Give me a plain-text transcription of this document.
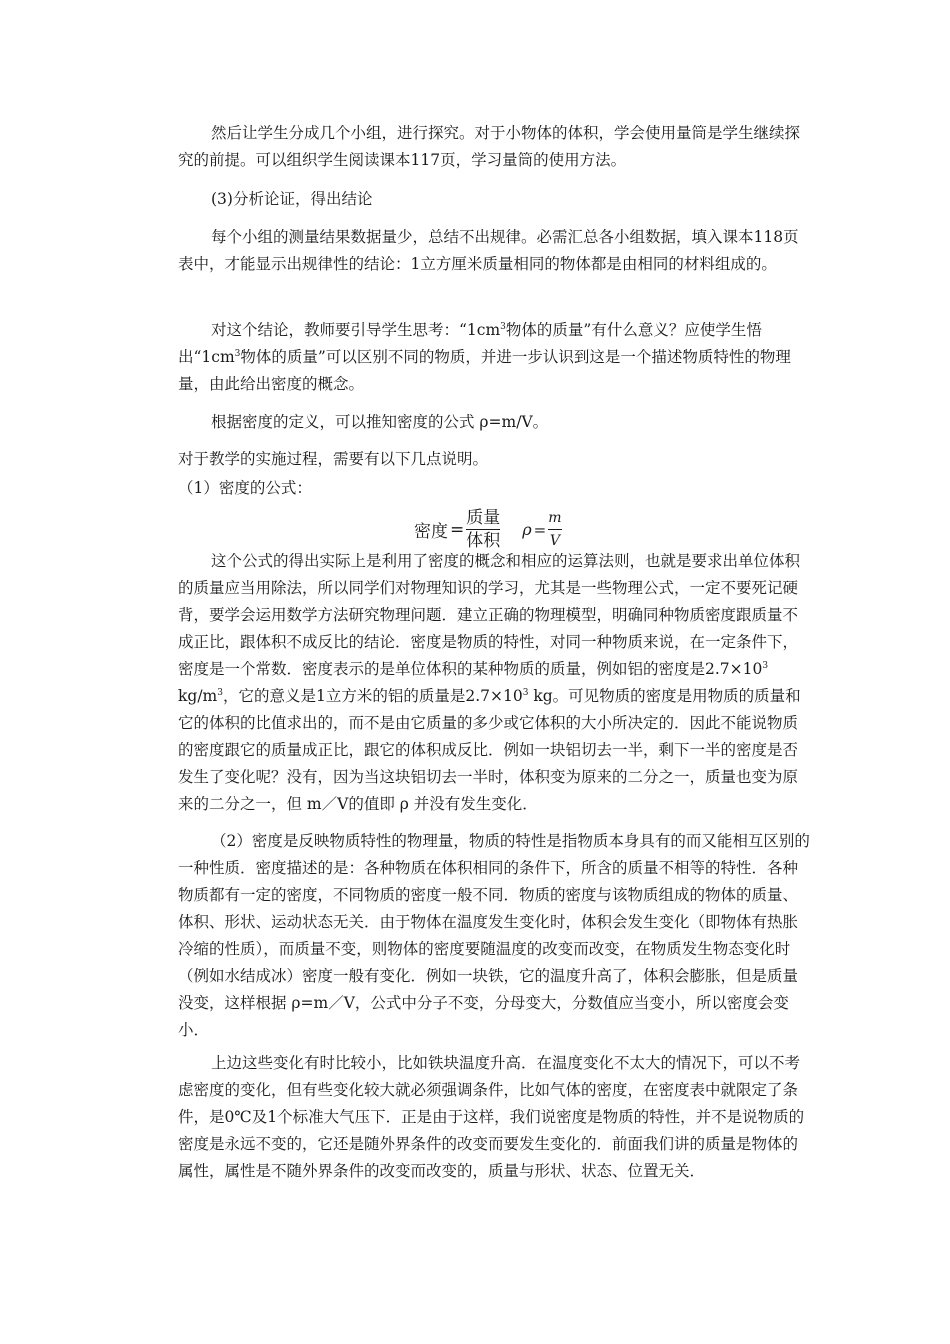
然后让学生分成几个小组，进行探究。对于小物体的体积，学会使用量筒是学生继续探究的前提。可以组织学生阅读课本117页，学习量筒的使用方法。

(3)分析论证，得出结论

每个小组的测量结果数据量少，总结不出规律。必需汇总各小组数据，填入课本118页表中，才能显示出规律性的结论：1立方厘米质量相同的物体都是由相同的材料组成的。

对这个结论，教师要引导学生思考：“$1cm^3$物体的质量”有什么意义？应使学生悟出“$1cm^3$物体的质量”可以区别不同的物质，并进一步认识到这是一个描述物质特性的物理量，由此给出密度的概念。

根据密度的定义，可以推知密度的公式 ρ=m/V。

对于教学的实施过程，需要有以下几点说明。

（1）密度的公式：

密度 = $\frac{\text{质量}}{\text{体积}}$ $\rho = \frac{m}{V}$

这个公式的得出实际上是利用了密度的概念和相应的运算法则，也就是要求出单位体积的质量应当用除法，所以同学们对物理知识的学习，尤其是一些物理公式，一定不要死记硬背，要学会运用数学方法研究物理问题．建立正确的物理模型，明确同种物质密度跟质量不成正比，跟体积不成反比的结论．密度是物质的特性，对同一种物质来说，在一定条件下，密度是一个常数．密度表示的是单位体积的某种物质的质量，例如铝的密度是$2.7\times 10^3$ $kg/m^3$，它的意义是1立方米的铝的质量是$2.7\times 10^3$ kg。可见物质的密度是用物质的质量和它的体积的比值求出的，而不是由它质量的多少或它体积的大小所决定的．因此不能说物质的密度跟它的质量成正比，跟它的体积成反比．例如一块铝切去一半，剩下一半的密度是否发生了变化呢？没有，因为当这块铝切去一半时，体积变为原来的二分之一，质量也变为原来的二分之一，但 m／V的值即 ρ 并没有发生变化．

（2）密度是反映物质特性的物理量，物质的特性是指物质本身具有的而又能相互区别的一种性质．密度描述的是：各种物质在体积相同的条件下，所含的质量不相等的特性．各种物质都有一定的密度，不同物质的密度一般不同．物质的密度与该物质组成的物体的质量、体积、形状、运动状态无关．由于物体在温度发生变化时，体积会发生变化（即物体有热胀冷缩的性质），而质量不变，则物体的密度要随温度的改变而改变，在物质发生物态变化时（例如水结成冰）密度一般有变化．例如一块铁，它的温度升高了，体积会膨胀，但是质量没变，这样根据 ρ=m／V，公式中分子不变，分母变大，分数值应当变小，所以密度会变小．

上边这些变化有时比较小，比如铁块温度升高．在温度变化不太大的情况下，可以不考虑密度的变化，但有些变化较大就必须强调条件，比如气体的密度，在密度表中就限定了条件，是0℃及1个标准大气压下．正是由于这样，我们说密度是物质的特性，并不是说物质的密度是永远不变的，它还是随外界条件的改变而要发生变化的．前面我们讲的质量是物体的属性，属性是不随外界条件的改变而改变的，质量与形状、状态、位置无关．
